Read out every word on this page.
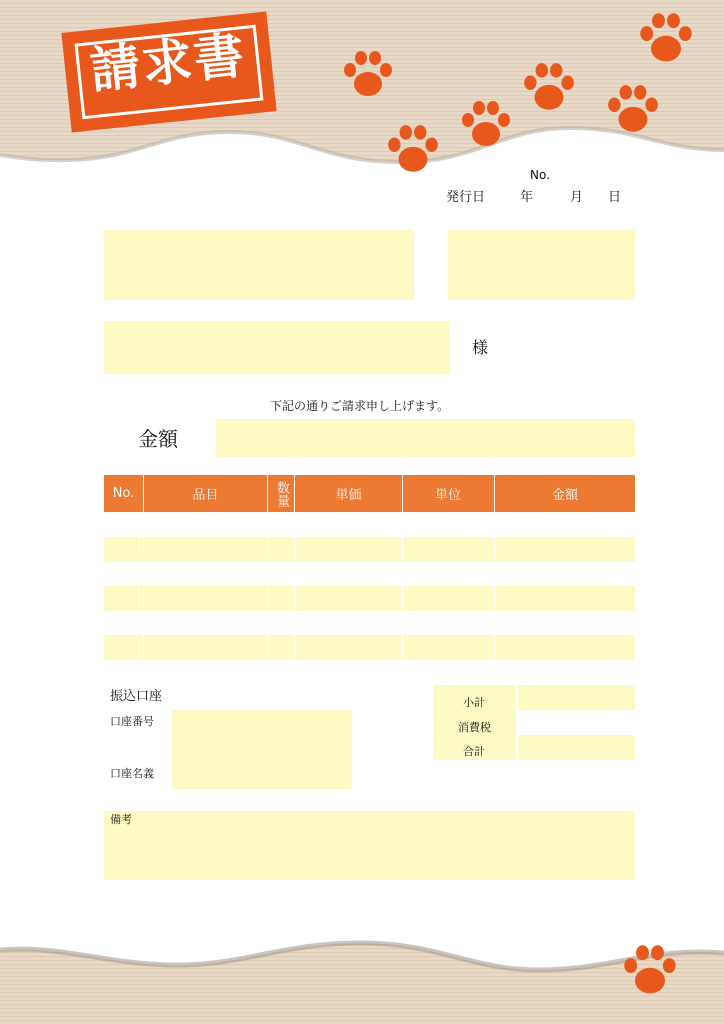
請求書
No.
発行日	年	月 日
様
下記の通りご請求申し上げます。
金額
No.	品目	数量	単価	単位	金額
振込口座
口座番号
口座名義
小計
消費税
合計
備考
